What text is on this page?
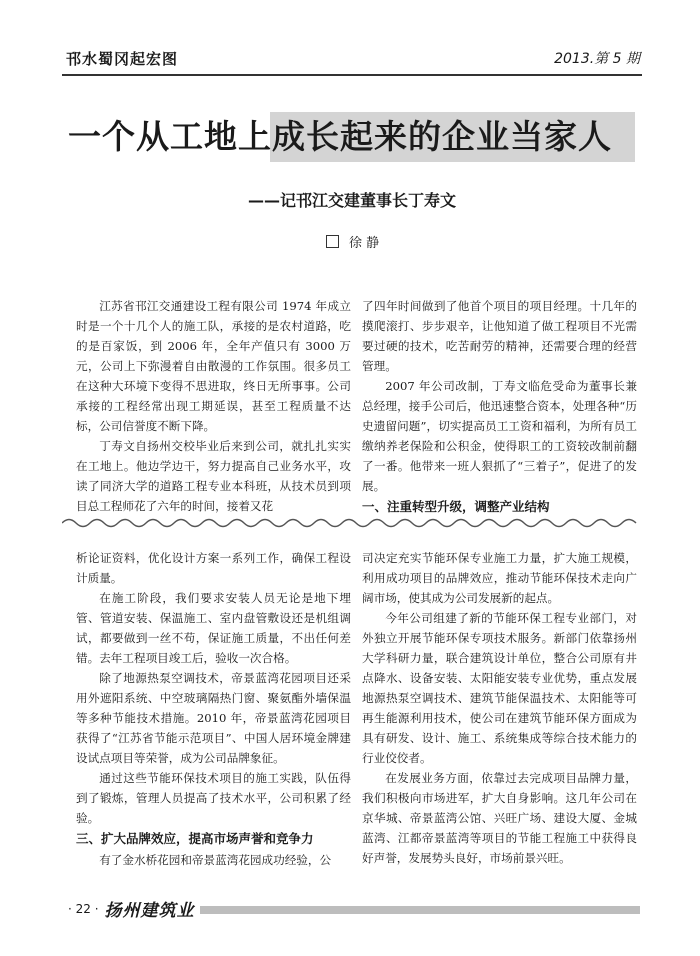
邗水蜀冈起宏图	2013.第 5 期
一个从工地上成长起来的企业当家人
——记邗江交建董事长丁寿文
徐 静

江苏省邗江交通建设工程有限公司 1974 年成立时是一个十几个人的施工队，承接的是农村道路，吃的是百家饭，到 2006 年，全年产值只有 3000 万元，公司上下弥漫着自由散漫的工作氛围。很多员工在这种大环境下变得不思进取，终日无所事事。公司承接的工程经常出现工期延误，甚至工程质量不达标，公司信誉度不断下降。

丁寿文自扬州交校毕业后来到公司，就扎扎实实在工地上。他边学边干，努力提高自己业务水平，攻读了同济大学的道路工程专业本科班，从技术员到项目总工程师花了六年的时间，接着又花

了四年时间做到了他首个项目的项目经理。十几年的摸爬滚打、步步艰辛，让他知道了做工程项目不光需要过硬的技术，吃苦耐劳的精神，还需要合理的经营管理。

2007 年公司改制，丁寿文临危受命为董事长兼总经理，接手公司后，他迅速整合资本，处理各种“历史遗留问题”，切实提高员工工资和福利，为所有员工缴纳养老保险和公积金，使得职工的工资较改制前翻了一番。他带来一班人狠抓了“三着子”，促进了的发展。

一、注重转型升级，调整产业结构

析论证资料，优化设计方案一系列工作，确保工程设计质量。

在施工阶段，我们要求安装人员无论是地下埋管、管道安装、保温施工、室内盘管敷设还是机组调试，都要做到一丝不苟，保证施工质量，不出任何差错。去年工程项目竣工后，验收一次合格。

除了地源热泵空调技术，帝景蓝湾花园项目还采用外遮阳系统、中空玻璃隔热门窗、聚氨酯外墙保温等多种节能技术措施。2010 年，帝景蓝湾花园项目获得了“江苏省节能示范项目”、中国人居环境金牌建设试点项目等荣誉，成为公司品牌象征。

通过这些节能环保技术项目的施工实践，队伍得到了锻炼，管理人员提高了技术水平，公司积累了经验。

三、扩大品牌效应，提高市场声誉和竞争力

有了金水桥花园和帝景蓝湾花园成功经验，公

司决定充实节能环保专业施工力量，扩大施工规模，利用成功项目的品牌效应，推动节能环保技术走向广阔市场，使其成为公司发展新的起点。

今年公司组建了新的节能环保工程专业部门，对外独立开展节能环保专项技术服务。新部门依靠扬州大学科研力量，联合建筑设计单位，整合公司原有井点降水、设备安装、太阳能安装专业优势，重点发展地源热泵空调技术、建筑节能保温技术、太阳能等可再生能源利用技术，使公司在建筑节能环保方面成为具有研发、设计、施工、系统集成等综合技术能力的行业佼佼者。

在发展业务方面，依靠过去完成项目品牌力量，我们积极向市场进军，扩大自身影响。这几年公司在京华城、帝景蓝湾公馆、兴旺广场、建设大厦、金城蓝湾、江都帝景蓝湾等项目的节能工程施工中获得良好声誉，发展势头良好，市场前景兴旺。

· 22 · 扬州建筑业
